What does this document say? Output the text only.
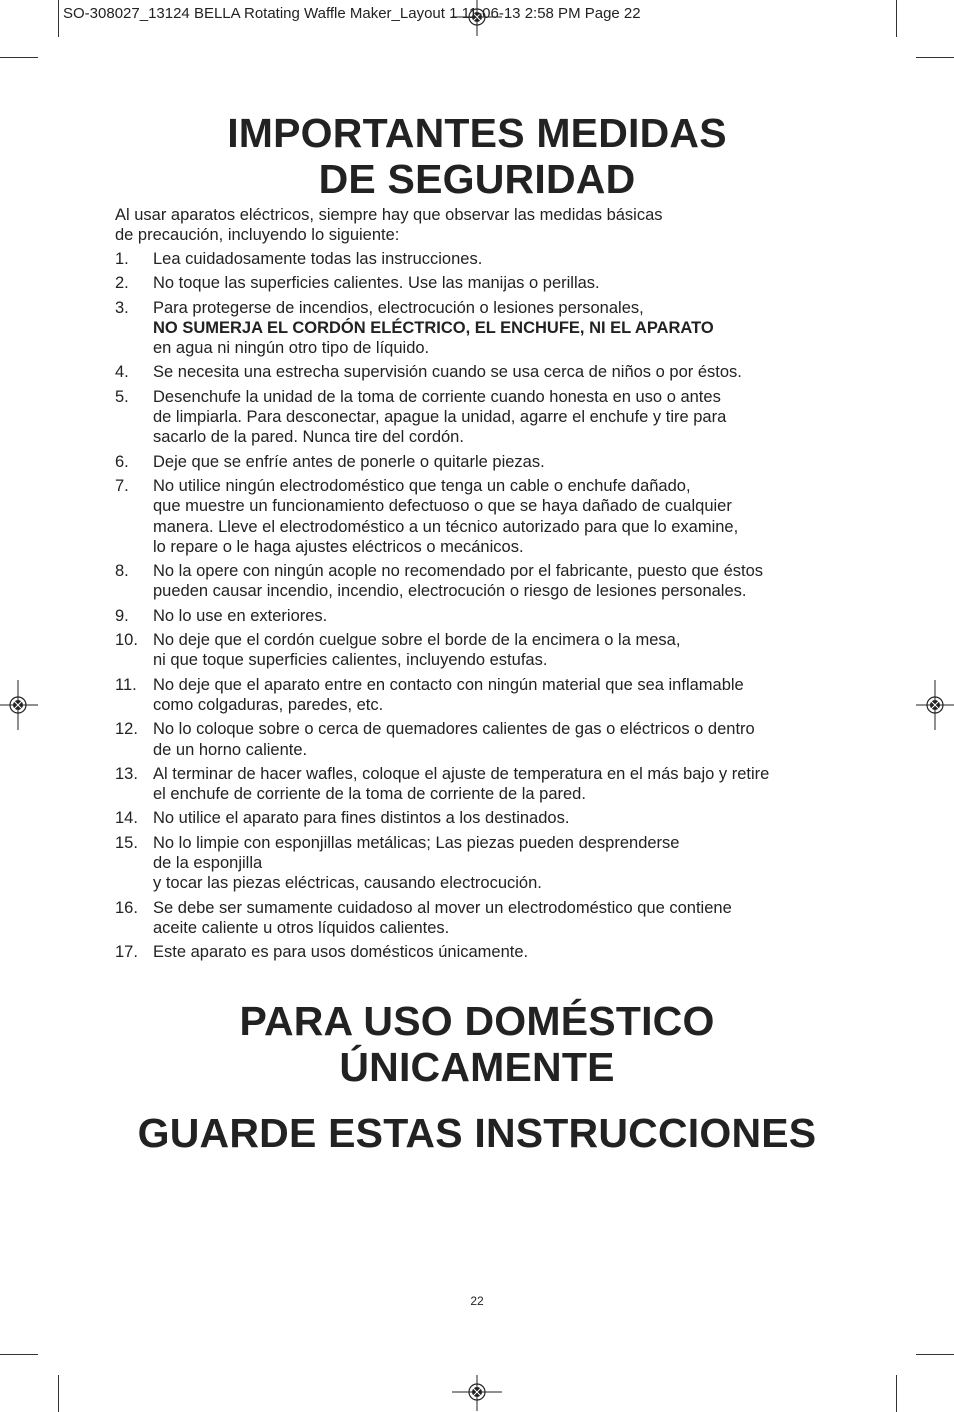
SO-308027_13124 BELLA Rotating Waffle Maker_Layout 1 11-06-13 2:58 PM Page 22
IMPORTANTES MEDIDAS
DE SEGURIDAD
Al usar aparatos eléctricos, siempre hay que observar las medidas básicas
de precaución, incluyendo lo siguiente:
1. Lea cuidadosamente todas las instrucciones.
2. No toque las superficies calientes. Use las manijas o perillas.
3. Para protegerse de incendios, electrocución o lesiones personales,
NO SUMERJA EL CORDÓN ELÉCTRICO, EL ENCHUFE, NI EL APARATO
en agua ni ningún otro tipo de líquido.
4. Se necesita una estrecha supervisión cuando se usa cerca de niños o por éstos.
5. Desenchufe la unidad de la toma de corriente cuando honesta en uso o antes
de limpiarla. Para desconectar, apague la unidad, agarre el enchufe y tire para
sacarlo de la pared. Nunca tire del cordón.
6. Deje que se enfríe antes de ponerle o quitarle piezas.
7. No utilice ningún electrodoméstico que tenga un cable o enchufe dañado,
que muestre un funcionamiento defectuoso o que se haya dañado de cualquier
manera. Lleve el electrodoméstico a un técnico autorizado para que lo examine,
lo repare o le haga ajustes eléctricos o mecánicos.
8. No la opere con ningún acople no recomendado por el fabricante, puesto que éstos
pueden causar incendio, incendio, electrocución o riesgo de lesiones personales.
9. No lo use en exteriores.
10. No deje que el cordón cuelgue sobre el borde de la encimera o la mesa,
ni que toque superficies calientes, incluyendo estufas.
11. No deje que el aparato entre en contacto con ningún material que sea inflamable
como colgaduras, paredes, etc.
12. No lo coloque sobre o cerca de quemadores calientes de gas o eléctricos o dentro
de un horno caliente.
13. Al terminar de hacer wafles, coloque el ajuste de temperatura en el más bajo y retire
el enchufe de corriente de la toma de corriente de la pared.
14. No utilice el aparato para fines distintos a los destinados.
15. No lo limpie con esponjillas metálicas; Las piezas pueden desprenderse
de la esponjilla
y tocar las piezas eléctricas, causando electrocución.
16. Se debe ser sumamente cuidadoso al mover un electrodoméstico que contiene
aceite caliente u otros líquidos calientes.
17. Este aparato es para usos domésticos únicamente.
PARA USO DOMÉSTICO
ÚNICAMENTE
GUARDE ESTAS INSTRUCCIONES
22
